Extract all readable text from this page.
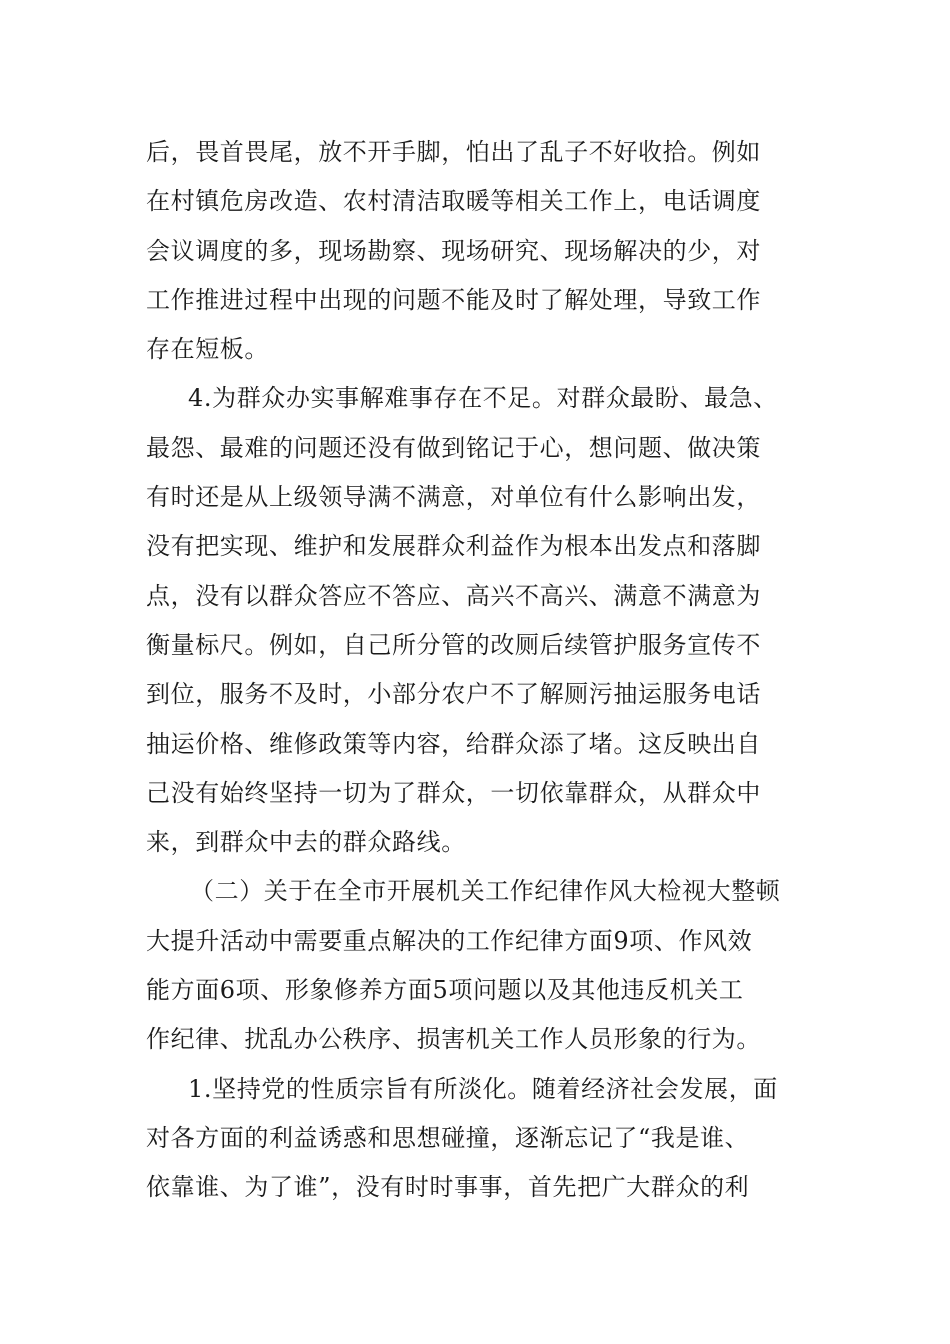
后，畏首畏尾，放不开手脚，怕出了乱子不好收拾。例如
在村镇危房改造、农村清洁取暖等相关工作上，电话调度
会议调度的多，现场勘察、现场研究、现场解决的少，对
工作推进过程中出现的问题不能及时了解处理，导致工作
存在短板。
4.为群众办实事解难事存在不足。对群众最盼、最急、
最怨、最难的问题还没有做到铭记于心，想问题、做决策
有时还是从上级领导满不满意，对单位有什么影响出发，
没有把实现、维护和发展群众利益作为根本出发点和落脚
点，没有以群众答应不答应、高兴不高兴、满意不满意为
衡量标尺。例如，自己所分管的改厕后续管护服务宣传不
到位，服务不及时，小部分农户不了解厕污抽运服务电话
抽运价格、维修政策等内容，给群众添了堵。这反映出自
己没有始终坚持一切为了群众，一切依靠群众，从群众中
来，到群众中去的群众路线。
（二）关于在全市开展机关工作纪律作风大检视大整顿
大提升活动中需要重点解决的工作纪律方面9项、作风效
能方面6项、形象修养方面5项问题以及其他违反机关工
作纪律、扰乱办公秩序、损害机关工作人员形象的行为。
1.坚持党的性质宗旨有所淡化。随着经济社会发展，面
对各方面的利益诱惑和思想碰撞，逐渐忘记了“我是谁、
依靠谁、为了谁”，没有时时事事，首先把广大群众的利
